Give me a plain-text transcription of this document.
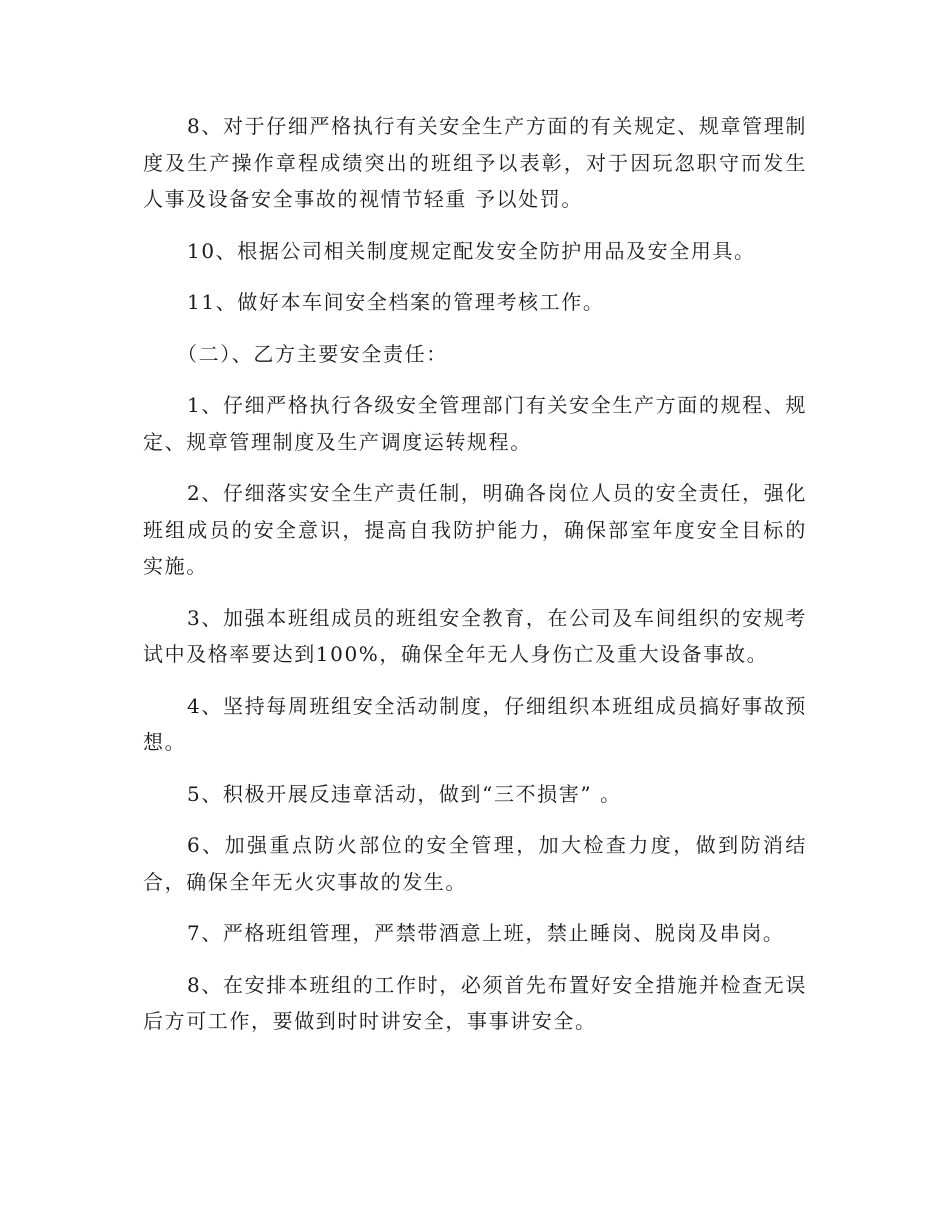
8、对于仔细严格执行有关安全生产方面的有关规定、规章管理制度及生产操作章程成绩突出的班组予以表彰，对于因玩忽职守而发生人事及设备安全事故的视情节轻重 予以处罚。

10、根据公司相关制度规定配发安全防护用品及安全用具。

11、做好本车间安全档案的管理考核工作。

（二）、乙方主要安全责任：

1、仔细严格执行各级安全管理部门有关安全生产方面的规程、规定、规章管理制度及生产调度运转规程。

2、仔细落实安全生产责任制，明确各岗位人员的安全责任，强化班组成员的安全意识，提高自我防护能力，确保部室年度安全目标的实施。

3、加强本班组成员的班组安全教育，在公司及车间组织的安规考试中及格率要达到100%，确保全年无人身伤亡及重大设备事故。

4、坚持每周班组安全活动制度，仔细组织本班组成员搞好事故预想。

5、积极开展反违章活动，做到“三不损害” 。

6、加强重点防火部位的安全管理，加大检查力度，做到防消结合，确保全年无火灾事故的发生。

7、严格班组管理，严禁带酒意上班，禁止睡岗、脱岗及串岗。

8、在安排本班组的工作时，必须首先布置好安全措施并检查无误后方可工作，要做到时时讲安全，事事讲安全。
